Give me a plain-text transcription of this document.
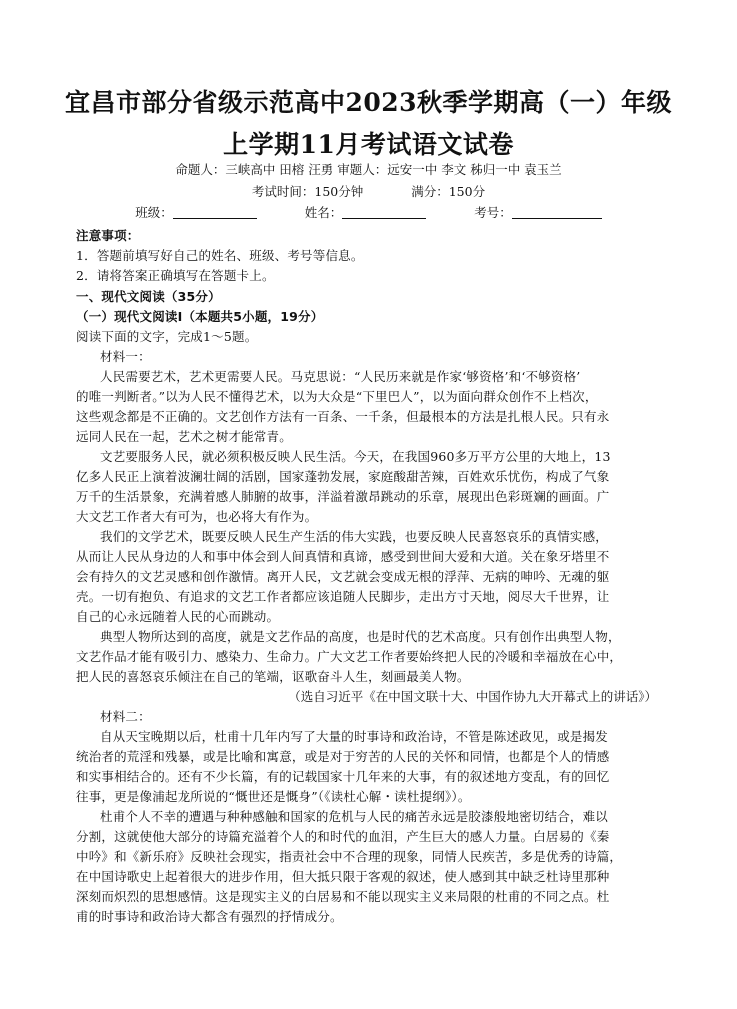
宜昌市部分省级示范高中2023秋季学期高（一）年级
上学期11月考试语文试卷
命题人：三峡高中 田榕 汪勇 审题人：远安一中 李文 秭归一中 袁玉兰
考试时间：150分钟	满分：150分
班级：	姓名：	考号：
注意事项：
1．答题前填写好自己的姓名、班级、考号等信息。
2．请将答案正确填写在答题卡上。
一、现代文阅读（35分）
（一）现代文阅读Ⅰ（本题共5小题，19分）
阅读下面的文字，完成1～5题。
材料一：
人民需要艺术，艺术更需要人民。马克思说：“人民历来就是作家‘够资格’和‘不够资格’
的唯一判断者。”以为人民不懂得艺术，以为大众是“下里巴人”，以为面向群众创作不上档次，
这些观念都是不正确的。文艺创作方法有一百条、一千条，但最根本的方法是扎根人民。只有永
远同人民在一起，艺术之树才能常青。
文艺要服务人民，就必须积极反映人民生活。今天，在我国960多万平方公里的大地上，13
亿多人民正上演着波澜壮阔的活剧，国家蓬勃发展，家庭酸甜苦辣，百姓欢乐忧伤，构成了气象
万千的生活景象，充满着感人肺腑的故事，洋溢着激昂跳动的乐章，展现出色彩斑斓的画面。广
大文艺工作者大有可为，也必将大有作为。
我们的文学艺术，既要反映人民生产生活的伟大实践，也要反映人民喜怒哀乐的真情实感，
从而让人民从身边的人和事中体会到人间真情和真谛，感受到世间大爱和大道。关在象牙塔里不
会有持久的文艺灵感和创作激情。离开人民，文艺就会变成无根的浮萍、无病的呻吟、无魂的躯
壳。一切有抱负、有追求的文艺工作者都应该追随人民脚步，走出方寸天地，阅尽大千世界，让
自己的心永远随着人民的心而跳动。
典型人物所达到的高度，就是文艺作品的高度，也是时代的艺术高度。只有创作出典型人物，
文艺作品才能有吸引力、感染力、生命力。广大文艺工作者要始终把人民的冷暖和幸福放在心中，
把人民的喜怒哀乐倾注在自己的笔端，讴歌奋斗人生，刻画最美人物。
（选自习近平《在中国文联十大、中国作协九大开幕式上的讲话》）
材料二：
自从天宝晚期以后，杜甫十几年内写了大量的时事诗和政治诗，不管是陈述政见，或是揭发
统治者的荒淫和残暴，或是比喻和寓意，或是对于穷苦的人民的关怀和同情，也都是个人的情感
和实事相结合的。还有不少长篇，有的记载国家十几年来的大事，有的叙述地方变乱，有的回忆
往事，更是像浦起龙所说的“慨世还是慨身”（《读杜心解・读杜提纲》）。
杜甫个人不幸的遭遇与种种感触和国家的危机与人民的痛苦永远是胶漆般地密切结合，难以
分割，这就使他大部分的诗篇充溢着个人的和时代的血泪，产生巨大的感人力量。白居易的《秦
中吟》和《新乐府》反映社会现实，指责社会中不合理的现象，同情人民疾苦，多是优秀的诗篇，
在中国诗歌史上起着很大的进步作用，但大抵只限于客观的叙述，使人感到其中缺乏杜诗里那种
深刻而炽烈的思想感情。这是现实主义的白居易和不能以现实主义来局限的杜甫的不同之点。杜
甫的时事诗和政治诗大都含有强烈的抒情成分。
